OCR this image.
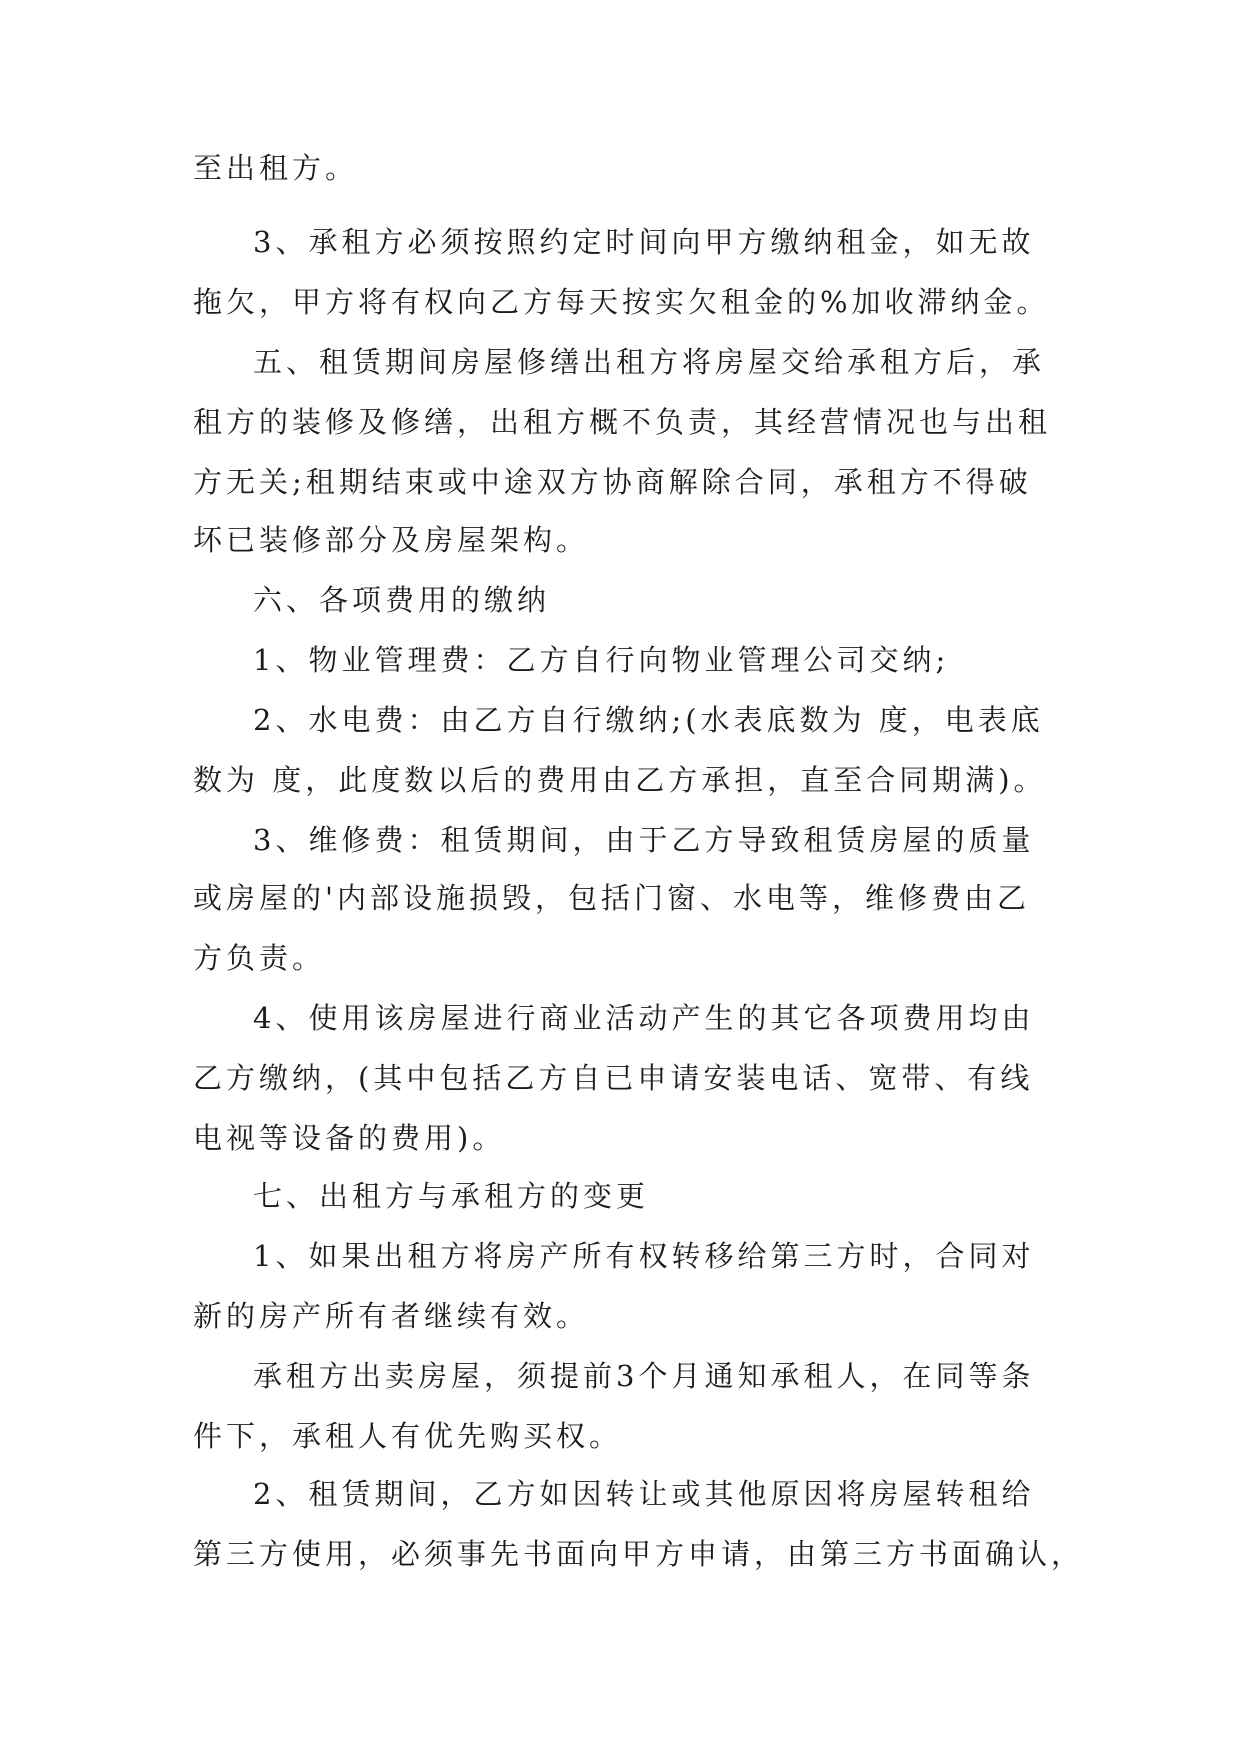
至出租方。
3、承租方必须按照约定时间向甲方缴纳租金，如无故
拖欠，甲方将有权向乙方每天按实欠租金的%加收滞纳金。
五、租赁期间房屋修缮出租方将房屋交给承租方后，承
租方的装修及修缮，出租方概不负责，其经营情况也与出租
方无关;租期结束或中途双方协商解除合同，承租方不得破
坏已装修部分及房屋架构。
六、各项费用的缴纳
1、物业管理费：乙方自行向物业管理公司交纳;
2、水电费：由乙方自行缴纳;(水表底数为 度，电表底
数为 度，此度数以后的费用由乙方承担，直至合同期满)。
3、维修费：租赁期间，由于乙方导致租赁房屋的质量
或房屋的'内部设施损毁，包括门窗、水电等，维修费由乙
方负责。
4、使用该房屋进行商业活动产生的其它各项费用均由
乙方缴纳，(其中包括乙方自已申请安装电话、宽带、有线
电视等设备的费用)。
七、出租方与承租方的变更
1、如果出租方将房产所有权转移给第三方时，合同对
新的房产所有者继续有效。
承租方出卖房屋，须提前3个月通知承租人，在同等条
件下，承租人有优先购买权。
2、租赁期间，乙方如因转让或其他原因将房屋转租给
第三方使用，必须事先书面向甲方申请，由第三方书面确认，
